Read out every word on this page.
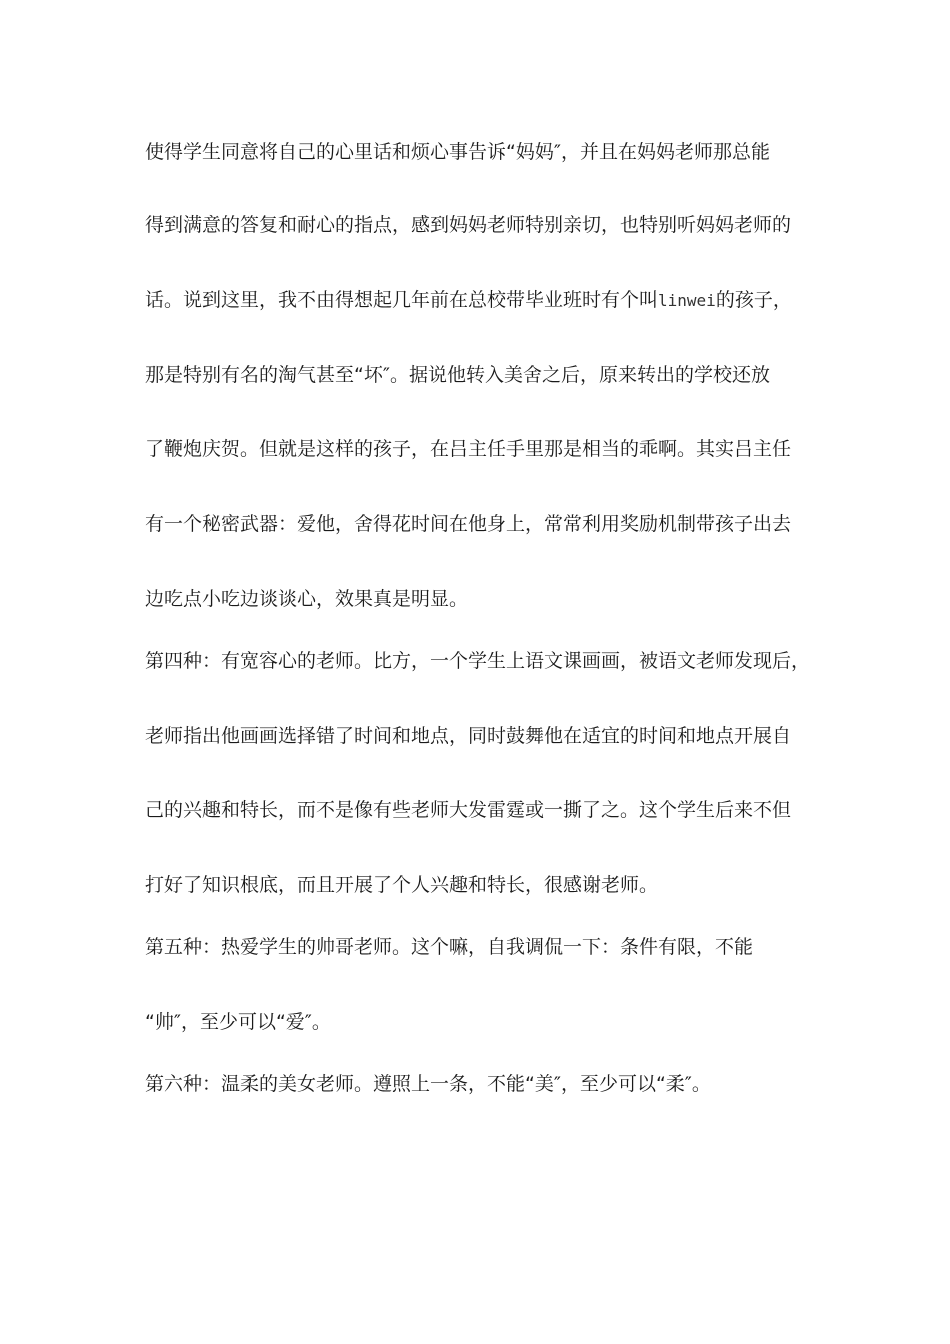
使得学生同意将自己的心里话和烦心事告诉“妈妈″，并且在妈妈老师那总能
得到满意的答复和耐心的指点，感到妈妈老师特别亲切，也特别听妈妈老师的
话。说到这里，我不由得想起几年前在总校带毕业班时有个叫linwei的孩子，
那是特别有名的淘气甚至“坏″。据说他转入美舍之后，原来转出的学校还放
了鞭炮庆贺。但就是这样的孩子，在吕主任手里那是相当的乖啊。其实吕主任
有一个秘密武器：爱他，舍得花时间在他身上，常常利用奖励机制带孩子出去
边吃点小吃边谈谈心，效果真是明显。
第四种：有宽容心的老师。比方，一个学生上语文课画画，被语文老师发现后，
老师指出他画画选择错了时间和地点，同时鼓舞他在适宜的时间和地点开展自
己的兴趣和特长，而不是像有些老师大发雷霆或一撕了之。这个学生后来不但
打好了知识根底，而且开展了个人兴趣和特长，很感谢老师。
第五种：热爱学生的帅哥老师。这个嘛，自我调侃一下：条件有限，不能
“帅″，至少可以“爱″。
第六种：温柔的美女老师。遵照上一条，不能“美″，至少可以“柔″。
